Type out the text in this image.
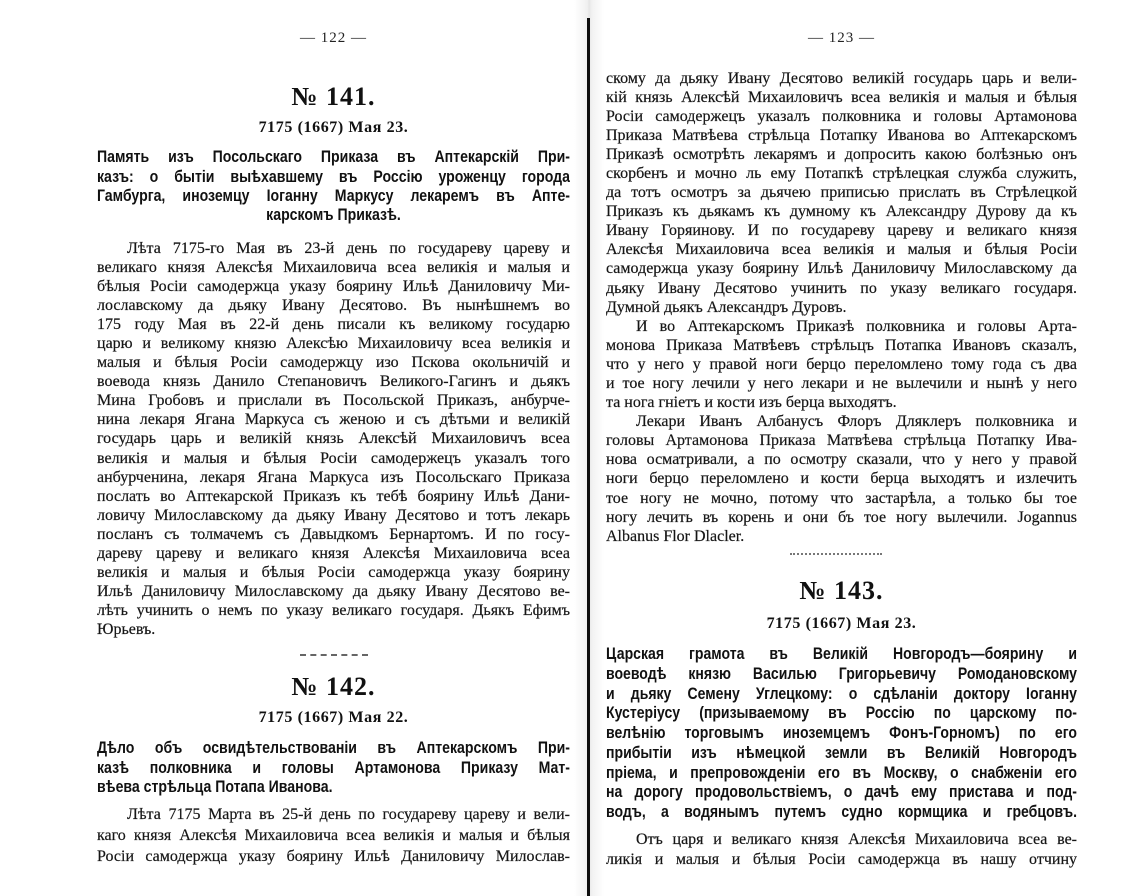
— 122 —
№ 141.
7175 (1667) Мая 23.
Память изъ Посольскаго Приказа въ Аптекарскій При-
казъ: о бытіи выѣхавшему въ Россію уроженцу города
Гамбурга, иноземцу Іоганну Маркусу лекаремъ въ Апте-
карскомъ Приказѣ.
Лѣта 7175-го Мая въ 23-й день по государеву цареву и
великаго князя Алексѣя Михаиловича всеа великія и малыя и
бѣлыя Росіи самодержца указу боярину Ильѣ Даниловичу Ми-
лославскому да дьяку Ивану Десятово. Въ нынѣшнемъ во
175 году Мая въ 22-й день писали къ великому государю
царю и великому князю Алексѣю Михаиловичу всеа великія и
малыя и бѣлыя Росіи самодержцу изо Пскова окольничій и
воевода князь Данило Степановичъ Великого-Гагинъ и дьякъ
Мина Гробовъ и прислали въ Посольской Приказъ, анбурче-
нина лекаря Ягана Маркуса съ женою и съ дѣтьми и великій
государь царь и великій князь Алексѣй Михаиловичъ всеа
великія и малыя и бѣлыя Росіи самодержецъ указалъ того
анбурченина, лекаря Ягана Маркуса изъ Посольскаго Приказа
послать во Аптекарской Приказъ къ тебѣ боярину Ильѣ Дани-
ловичу Милославскому да дьяку Ивану Десятово и тотъ лекарь
посланъ съ толмачемъ съ Давыдкомъ Бернартомъ. И по госу-
дареву цареву и великаго князя Алексѣя Михаиловича всеа
великія и малыя и бѣлыя Росіи самодержца указу боярину
Ильѣ Даниловичу Милославскому да дьяку Ивану Десятово ве-
лѣть учинить о немъ по указу великаго государя. Дьякъ Ефимъ
Юрьевъ.
№ 142.
7175 (1667) Мая 22.
Дѣло объ освидѣтельствованіи въ Аптекарскомъ При-
казѣ полковника и головы Артамонова Приказу Мат-
вѣева стрѣльца Потапа Иванова.
Лѣта 7175 Марта въ 25-й день по государеву цареву и вели-
каго князя Алексѣя Михаиловича всеа великія и малыя и бѣлыя
Росіи самодержца указу боярину Ильѣ Даниловичу Милослав-
— 123 —
скому да дьяку Ивану Десятово великій государь царь и вели-
кій князь Алексѣй Михаиловичъ всеа великія и малыя и бѣлыя
Росіи самодержецъ указалъ полковника и головы Артамонова
Приказа Матвѣева стрѣльца Потапку Иванова во Аптекарскомъ
Приказѣ осмотрѣть лекарямъ и допросить какою болѣзнью онъ
скорбенъ и мочно ль ему Потапкѣ стрѣлецкая служба служить,
да тотъ осмотръ за дьячею приписью прислать въ Стрѣлецкой
Приказъ къ дьякамъ къ думному къ Александру Дурову да къ
Ивану Горяинову. И по государеву цареву и великаго князя
Алексѣя Михаиловича всеа великія и малыя и бѣлыя Росіи
самодержца указу боярину Ильѣ Даниловичу Милославскому да
дьяку Ивану Десятово учинить по указу великаго государя.
Думной дьякъ Александръ Дуровъ.
И во Аптекарскомъ Приказѣ полковника и головы Арта-
монова Приказа Матвѣевъ стрѣльцъ Потапка Ивановъ сказалъ,
что у него у правой ноги берцо переломлено тому года съ два
и тое ногу лечили у него лекари и не вылечили и нынѣ у него
та нога гніетъ и кости изъ берца выходятъ.
Лекари Иванъ Албанусъ Флоръ Дляклеръ полковника и
головы Артамонова Приказа Матвѣева стрѣльца Потапку Ива-
нова осматривали, а по осмотру сказали, что у него у правой
ноги берцо переломлено и кости берца выходятъ и излечить
тое ногу не мочно, потому что застарѣла, а только бы тое
ногу лечить въ корень и они бъ тое ногу вылечили. Jogannus
Albanus Flor Dlacler.
№ 143.
7175 (1667) Мая 23.
Царская грамота въ Великій Новгородъ—боярину и
воеводѣ князю Василью Григорьевичу Ромодановскому
и дьяку Семену Углецкому: о сдѣланіи доктору Іоганну
Кустеріусу (призываемому въ Россію по царскому по-
велѣнію торговымъ иноземцемъ Фонъ-Горномъ) по его
прибытіи изъ нѣмецкой земли въ Великій Новгородъ
пріема, и препровожденіи его въ Москву, о снабженіи его
на дорогу продовольствіемъ, о дачѣ ему пристава и под-
водъ, а водянымъ путемъ судно кормщика и гребцовъ.
Отъ царя и великаго князя Алексѣя Михаиловича всеа ве-
ликія и малыя и бѣлыя Росіи самодержца въ нашу отчину
